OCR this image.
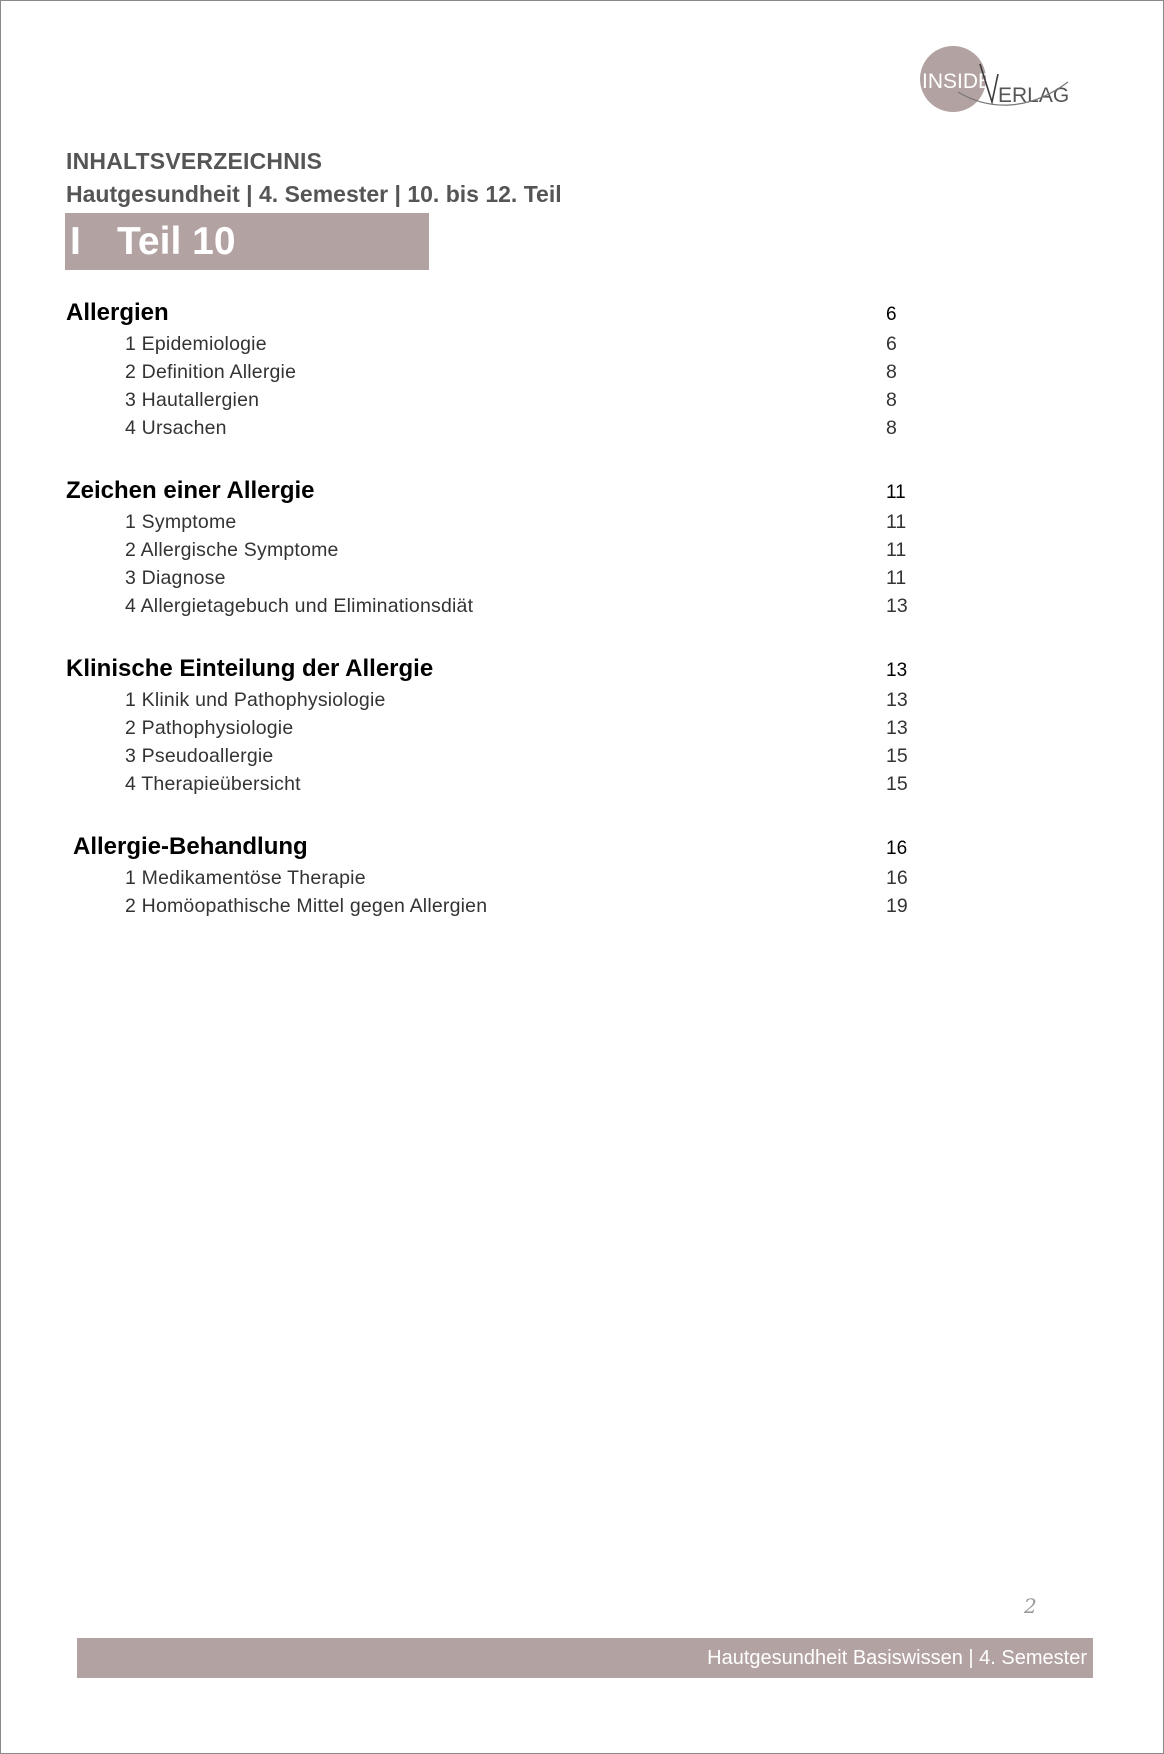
INSIDE
ERLAG
INHALTSVERZEICHNIS
Hautgesundheit | 4. Semester | 10. bis 12. Teil
I Teil 10
Allergien	6
1 Epidemiologie	6
2 Definition Allergie	8
3 Hautallergien	8
4 Ursachen	8
Zeichen einer Allergie	11
1 Symptome	11
2 Allergische Symptome	11
3 Diagnose	11
4 Allergietagebuch und Eliminationsdiät	13
Klinische Einteilung der Allergie	13
1 Klinik und Pathophysiologie	13
2 Pathophysiologie	13
3 Pseudoallergie	15
4 Therapieübersicht	15
Allergie-Behandlung	16
1 Medikamentöse Therapie	16
2 Homöopathische Mittel gegen Allergien	19
2
Hautgesundheit Basiswissen | 4. Semester
